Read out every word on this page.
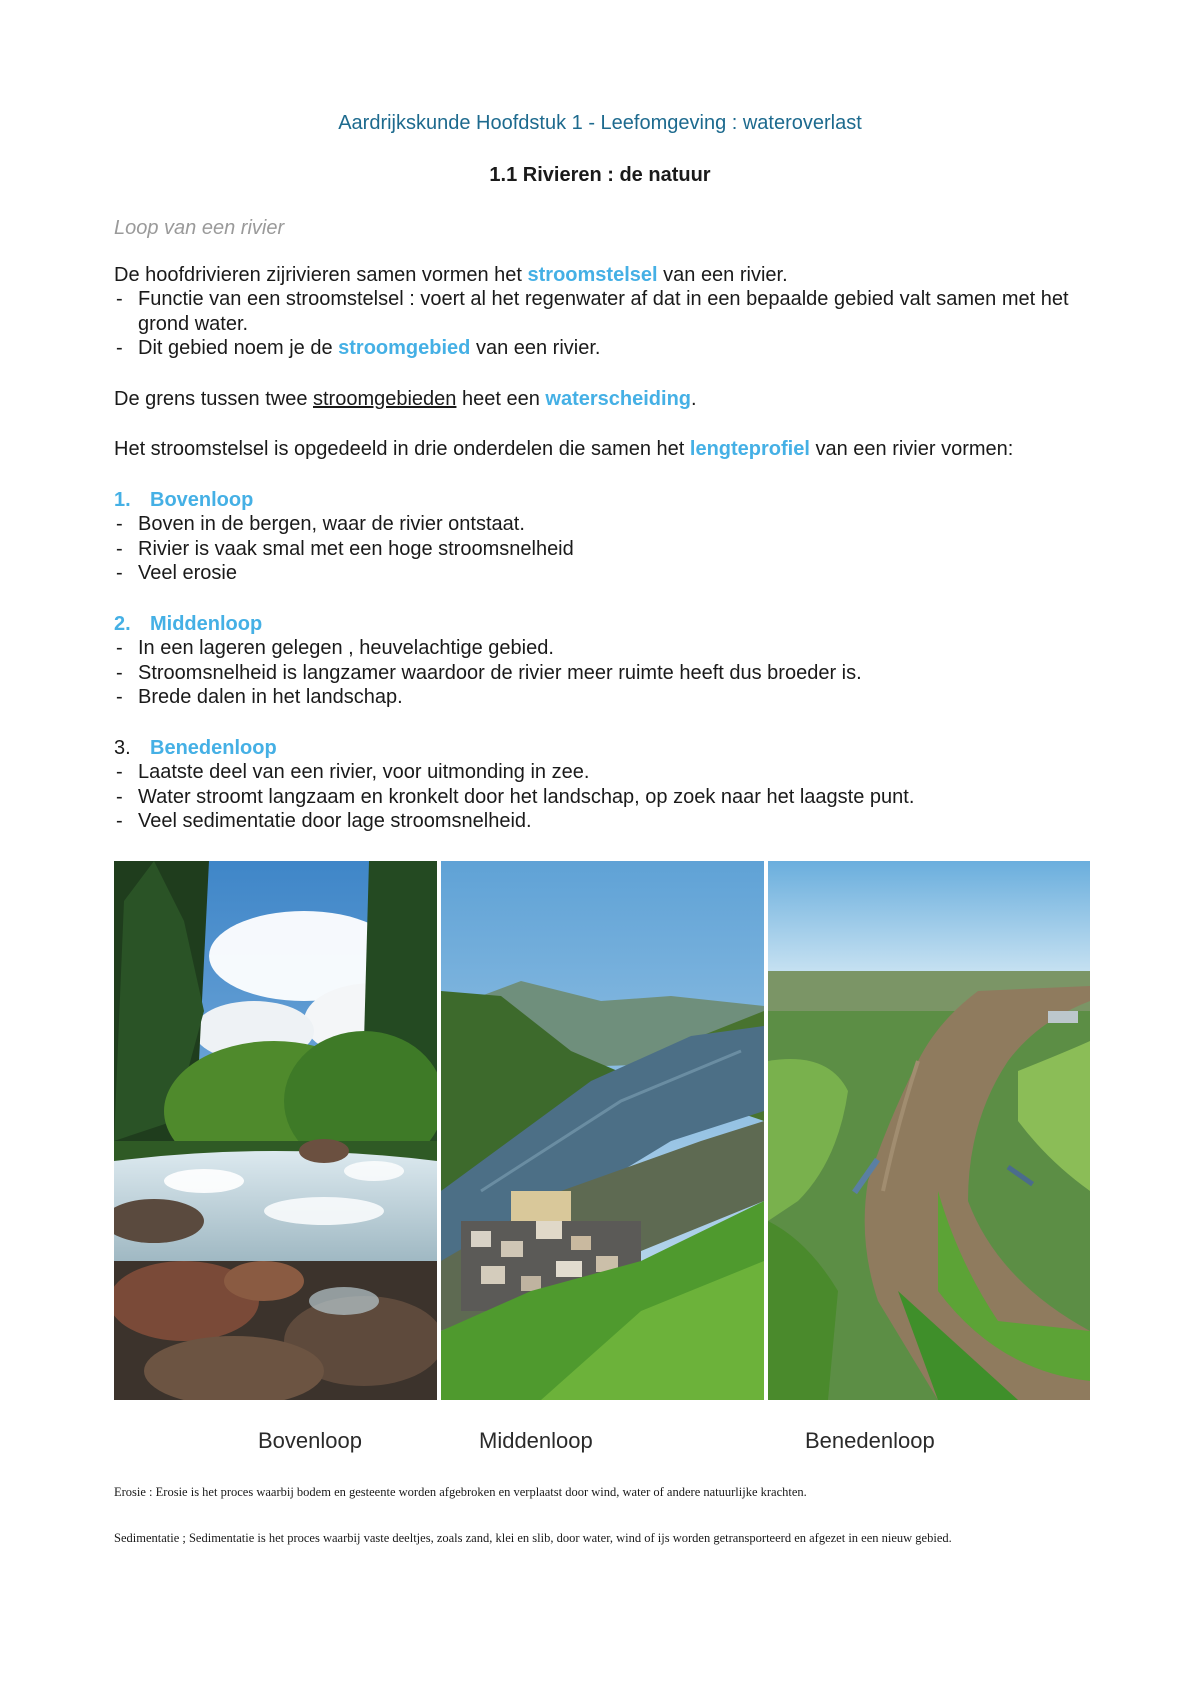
Aardrijkskunde Hoofdstuk 1 - Leefomgeving : wateroverlast
1.1 Rivieren : de natuur
Loop van een rivier

De hoofdrivieren zijrivieren samen vormen het stroomstelsel van een rivier.

- Functie van een stroomstelsel : voert al het regenwater af dat in een bepaalde gebied valt samen met het grond water.
- Dit gebied noem je de stroomgebied van een rivier.

De grens tussen twee stroomgebieden heet een waterscheiding.

Het stroomstelsel is opgedeeld in drie onderdelen die samen het lengteprofiel van een rivier vormen:

1. Bovenloop
- Boven in de bergen, waar de rivier ontstaat.
- Rivier is vaak smal met een hoge stroomsnelheid
- Veel erosie
2. Middenloop
- In een lageren gelegen , heuvelachtige gebied.
- Stroomsnelheid is langzamer waardoor de rivier meer ruimte heeft dus broeder is.
- Brede dalen in het landschap.
3. Benedenloop
- Laatste deel van een rivier, voor uitmonding in zee.
- Water stroomt langzaam en kronkelt door het landschap, op zoek naar het laagste punt.
- Veel sedimentatie door lage stroomsnelheid.
Bovenloop	Middenloop	Benedenloop
Erosie : Erosie is het proces waarbij bodem en gesteente worden afgebroken en verplaatst door wind, water of andere natuurlijke krachten.
Sedimentatie ; Sedimentatie is het proces waarbij vaste deeltjes, zoals zand, klei en slib, door water, wind of ijs worden getransporteerd en afgezet in een nieuw gebied.
